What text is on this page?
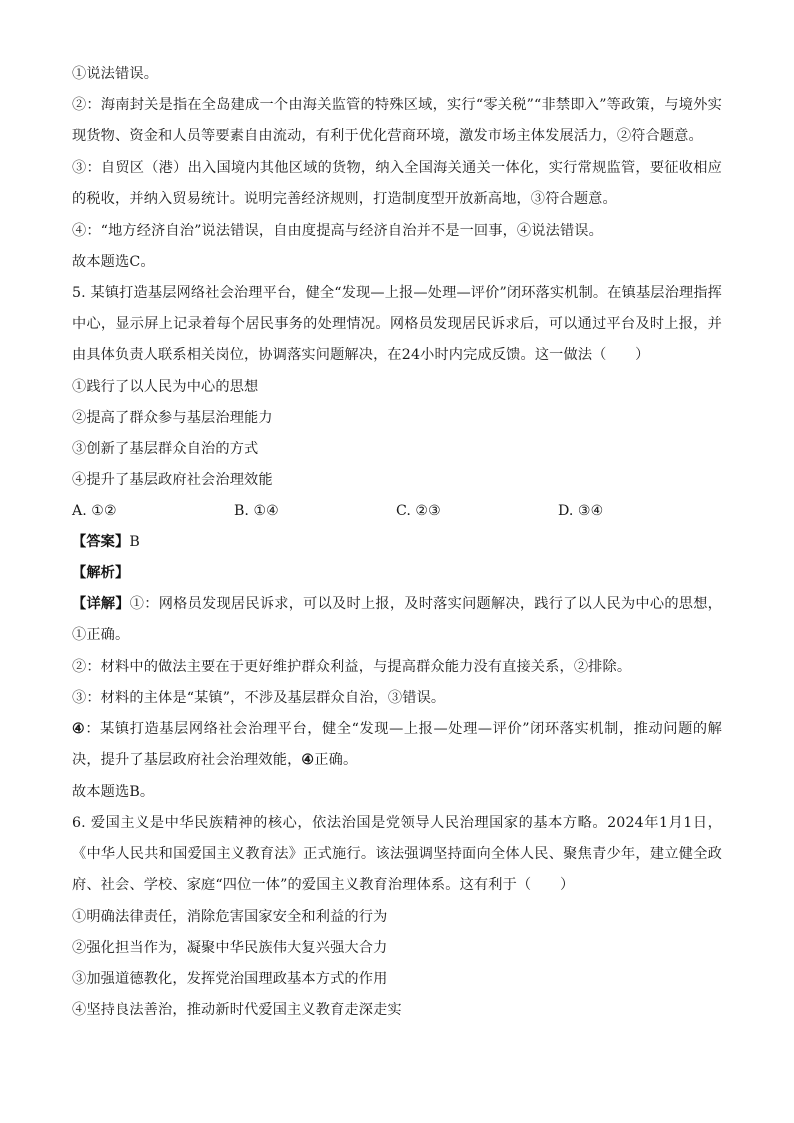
①说法错误。
②：海南封关是指在全岛建成一个由海关监管的特殊区域，实行“零关税”“非禁即入”等政策，与境外实现货物、资金和人员等要素自由流动，有利于优化营商环境，激发市场主体发展活力，②符合题意。
③：自贸区（港）出入国境内其他区域的货物，纳入全国海关通关一体化，实行常规监管，要征收相应的税收，并纳入贸易统计。说明完善经济规则，打造制度型开放新高地，③符合题意。
④：“地方经济自治”说法错误，自由度提高与经济自治并不是一回事，④说法错误。
故本题选C。
5. 某镇打造基层网络社会治理平台，健全“发现—上报—处理—评价”闭环落实机制。在镇基层治理指挥中心，显示屏上记录着每个居民事务的处理情况。网格员发现居民诉求后，可以通过平台及时上报，并由具体负责人联系相关岗位，协调落实问题解决，在24小时内完成反馈。这一做法（　　）
①践行了以人民为中心的思想
②提高了群众参与基层治理能力
③创新了基层群众自治的方式
④提升了基层政府社会治理效能
A. ①②	B. ①④	C. ②③	D. ③④
【答案】B
【解析】
【详解】①：网格员发现居民诉求，可以及时上报，及时落实问题解决，践行了以人民为中心的思想，①正确。
②：材料中的做法主要在于更好维护群众利益，与提高群众能力没有直接关系，②排除。
③：材料的主体是“某镇”，不涉及基层群众自治，③错误。
④：某镇打造基层网络社会治理平台，健全“发现—上报—处理—评价”闭环落实机制，推动问题的解决，提升了基层政府社会治理效能，④正确。
故本题选B。
6. 爱国主义是中华民族精神的核心，依法治国是党领导人民治理国家的基本方略。2024年1月1日，《中华人民共和国爱国主义教育法》正式施行。该法强调坚持面向全体人民、聚焦青少年，建立健全政府、社会、学校、家庭“四位一体”的爱国主义教育治理体系。这有利于（　　）
①明确法律责任，消除危害国家安全和利益的行为
②强化担当作为，凝聚中华民族伟大复兴强大合力
③加强道德教化，发挥党治国理政基本方式的作用
④坚持良法善治，推动新时代爱国主义教育走深走实
